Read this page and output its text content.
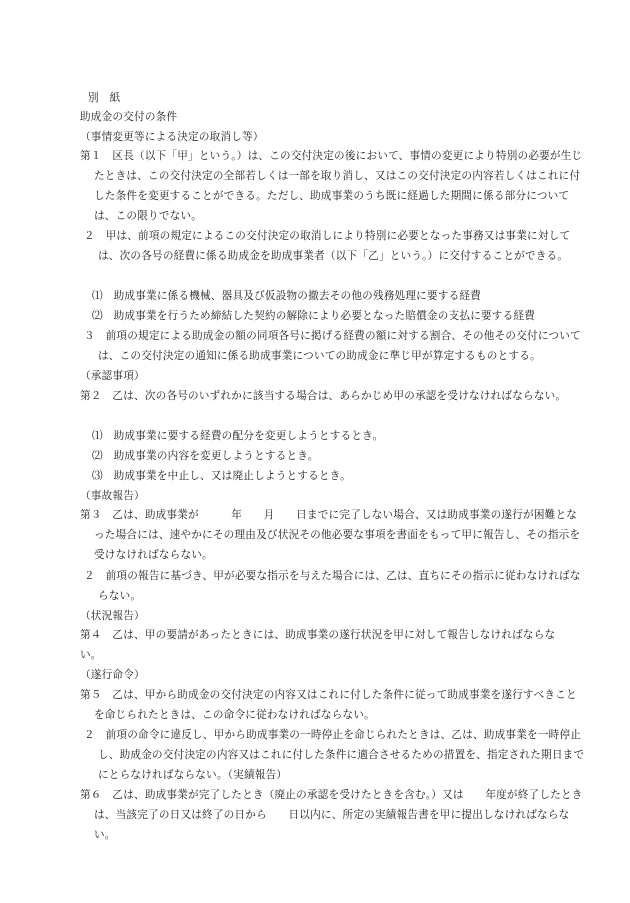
別　紙
助成金の交付の条件
（事情変更等による決定の取消し等）
第１　区長（以下「甲」という。）は、この交付決定の後において、事情の変更により特別の必要が生じたときは、この交付決定の全部若しくは一部を取り消し、又はこの交付決定の内容若しくはこれに付した条件を変更することができる。ただし、助成事業のうち既に経過した期間に係る部分については、この限りでない。
２　甲は、前項の規定によるこの交付決定の取消しにより特別に必要となった事務又は事業に対しては、次の各号の経費に係る助成金を助成事業者（以下「乙」という。）に交付することができる。
⑴　助成事業に係る機械、器具及び仮設物の撤去その他の残務処理に要する経費
⑵　助成事業を行うため締結した契約の解除により必要となった賠償金の支払に要する経費
３　前項の規定による助成金の額の同項各号に掲げる経費の額に対する割合、その他その交付については、この交付決定の通知に係る助成事業についての助成金に準じ甲が算定するものとする。
（承認事項）
第２　乙は、次の各号のいずれかに該当する場合は、あらかじめ甲の承認を受けなければならない。
⑴　助成事業に要する経費の配分を変更しようとするとき。
⑵　助成事業の内容を変更しようとするとき。
⑶　助成事業を中止し、又は廃止しようとするとき。
（事故報告）
第３　乙は、助成事業が　　　年　　月　　日までに完了しない場合、又は助成事業の遂行が困難となった場合には、速やかにその理由及び状況その他必要な事項を書面をもって甲に報告し、その指示を受けなければならない。
２　前項の報告に基づき、甲が必要な指示を与えた場合には、乙は、直ちにその指示に従わなければならない。
（状況報告）
第４　乙は、甲の要請があったときには、助成事業の遂行状況を甲に対して報告しなければならない。
（遂行命令）
第５　乙は、甲から助成金の交付決定の内容又はこれに付した条件に従って助成事業を遂行すべきことを命じられたときは、この命令に従わなければならない。
２　前項の命令に違反し、甲から助成事業の一時停止を命じられたときは、乙は、助成事業を一時停止し、助成金の交付決定の内容又はこれに付した条件に適合させるための措置を、指定された期日までにとらなければならない。（実績報告）
第６　乙は、助成事業が完了したとき（廃止の承認を受けたときを含む。）又は　　年度が終了したときは、当該完了の日又は終了の日から　　日以内に、所定の実績報告書を甲に提出しなければならない。
